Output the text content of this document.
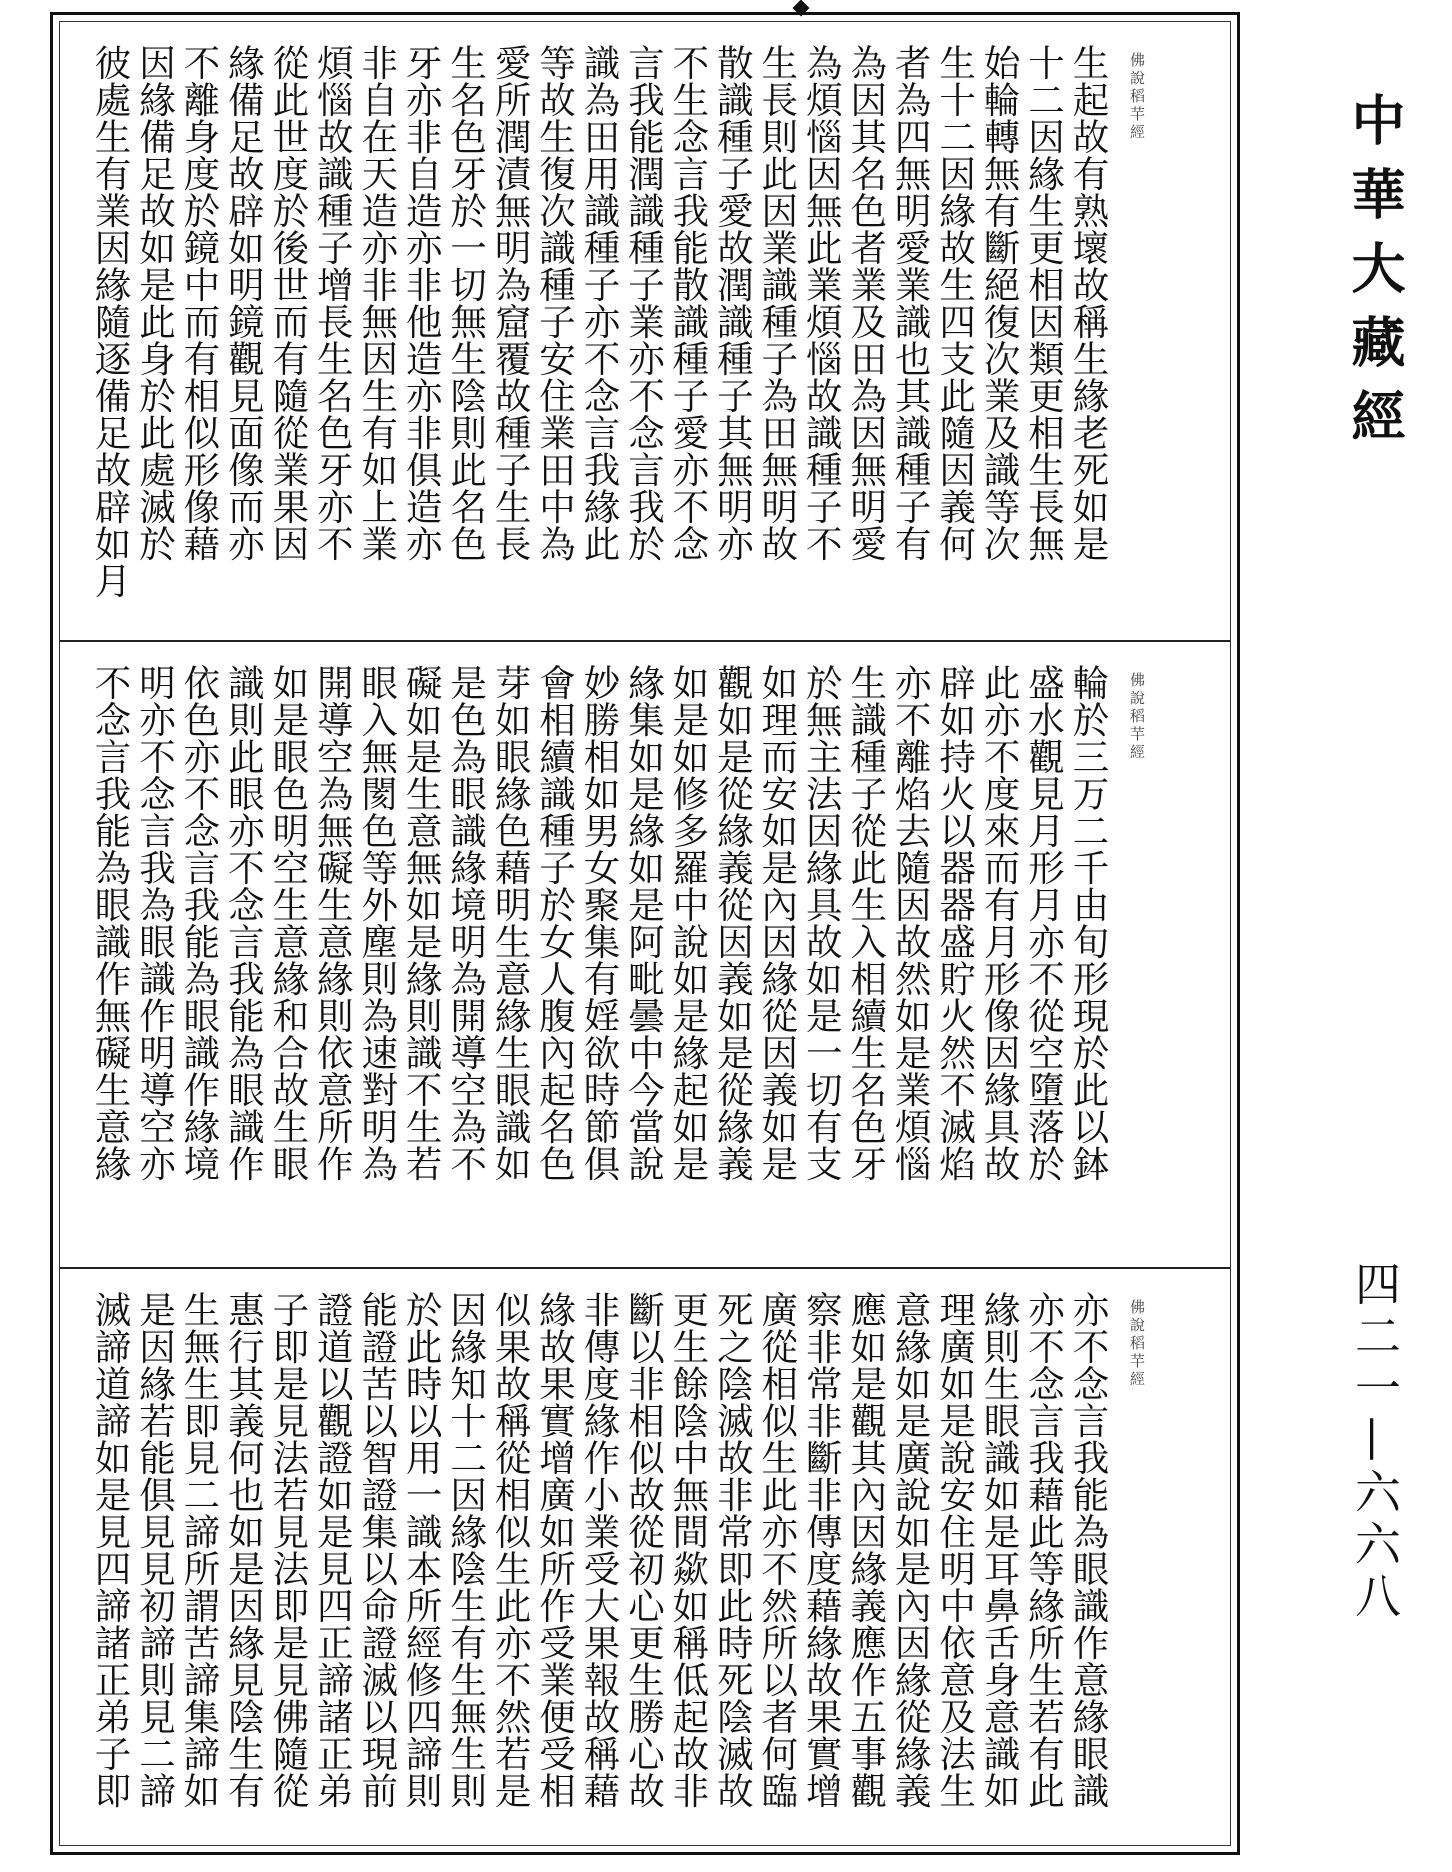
佛說稻芉經
生起故有熟壞故稱生緣老死如是
十二因緣生更相因類更相生長無
始輪轉無有斷絕復次業及識等次
生十二因緣故生四支此隨因義何
者為四無明愛業識也其識種子有
為因其名色者業及田為因無明愛
為煩惱因無此業煩惱故識種子不
生長則此因業識種子為田無明故
散識種子愛故潤識種子其無明亦
不生念言我能散識種子愛亦不念
言我能潤識種子業亦不念言我於
識為田用識種子亦不念言我緣此
等故生復次識種子安住業田中為
愛所潤漬無明為窟覆故種子生長
生名色牙於一切無生陰則此名色
牙亦非自造亦非他造亦非俱造亦
非自在天造亦非無因生有如上業
煩惱故識種子增長生名色牙亦不
從此世度於後世而有隨從業果因
緣備足故辟如明鏡觀見面像而亦
不離身度於鏡中而有相似形像藉
因緣備足故如是此身於此處滅於
彼處生有業因緣隨逐備足故辟如月
佛說稻芉經
輪於三万二千由旬形現於此以鉢
盛水觀見月形月亦不從空墮落於
此亦不度來而有月形像因緣具故
辟如持火以器器盛貯火然不滅焰
亦不離焰去隨因故然如是業煩惱
生識種子從此生入相續生名色牙
於無主法因緣具故如是一切有支
如理而安如是內因緣從因義如是
觀如是從緣義從因義如是從緣義
如是如修多羅中說如是緣起如是
緣集如是緣如是阿毗曇中今當說
妙勝相如男女聚集有婬欲時節俱
會相續識種子於女人腹內起名色
芽如眼緣色藉明生意緣生眼識如
是色為眼識緣境明為開導空為不
礙如是生意無如是緣則識不生若
眼入無閡色等外塵則為速對明為
開導空為無礙生意緣則依意所作
如是眼色明空生意緣和合故生眼
識則此眼亦不念言我能為眼識作
依色亦不念言我能為眼識作緣境
明亦不念言我為眼識作明導空亦
不念言我能為眼識作無礙生意緣
佛說稻芉經
亦不念言我能為眼識作意緣眼識
亦不念言我藉此等緣所生若有此
緣則生眼識如是耳鼻舌身意識如
理廣如是說安住明中依意及法生
意緣如是廣說如是內因緣從緣義
應如是觀其內因緣義應作五事觀
察非常非斷非傳度藉緣故果實增
廣從相似生此亦不然所以者何臨
死之陰滅故非常即此時死陰滅故
更生餘陰中無間歘如稱低起故非
斷以非相似故從初心更生勝心故
非傳度緣作小業受大果報故稱藉
緣故果實增廣如所作受業便受相
似果故稱從相似生此亦不然若是
因緣知十二因緣陰生有生無生則
於此時以用一識本所經修四諦則
能證苦以智證集以命證滅以現前
證道以觀證如是見四正諦諸正弟
子即是見法若見法即是見佛隨從
惠行其義何也如是因緣見陰生有
生無生即見二諦所謂苦諦集諦如
是因緣若能俱見見初諦則見二諦
滅諦道諦如是見四諦諸正弟子即
中華大藏經
四二一—六六八
